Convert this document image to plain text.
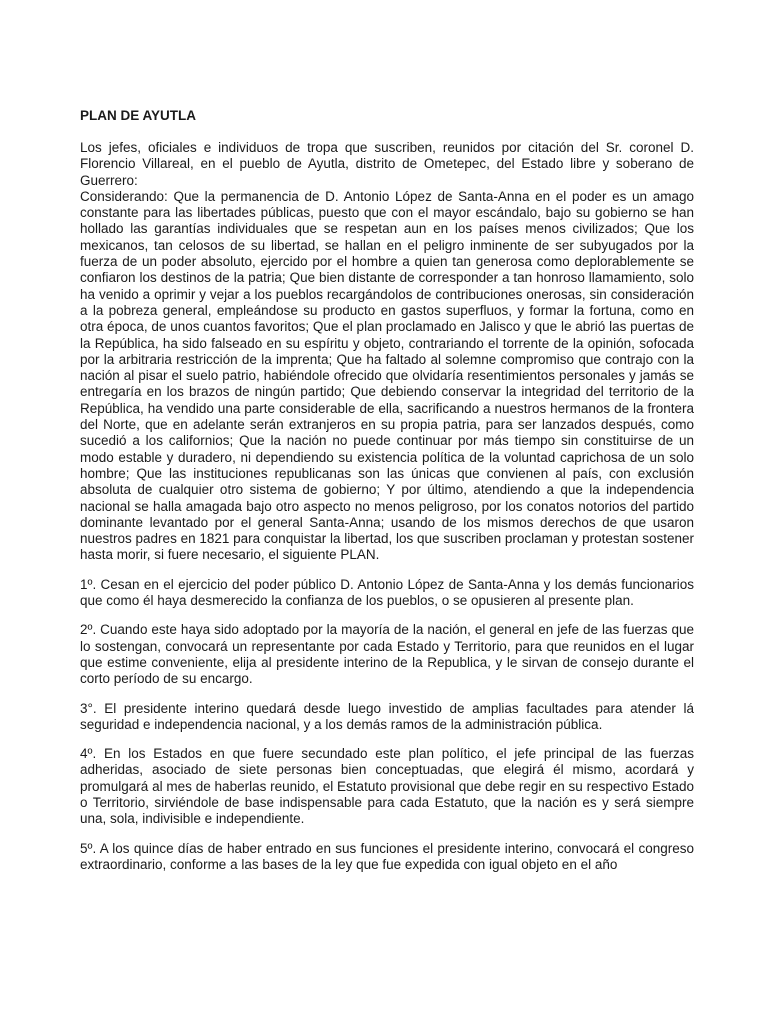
PLAN DE AYUTLA
Los jefes, oficiales e individuos de tropa que suscriben, reunidos por citación del Sr. coronel D. Florencio Villareal, en el pueblo de Ayutla, distrito de Ometepec, del Estado libre y soberano de Guerrero:
Considerando: Que la permanencia de D. Antonio López de Santa-Anna en el poder es un amago constante para las libertades públicas, puesto que con el mayor escándalo, bajo su gobierno se han hollado las garantías individuales que se respetan aun en los países menos civilizados; Que los mexicanos, tan celosos de su libertad, se hallan en el peligro inminente de ser subyugados por la fuerza de un poder absoluto, ejercido por el hombre a quien tan generosa como deplorablemente se confiaron los destinos de la patria; Que bien distante de corresponder a tan honroso llamamiento, solo ha venido a oprimir y vejar a los pueblos recargándolos de contribuciones onerosas, sin consideración a la pobreza general, empleándose su producto en gastos superfluos, y formar la fortuna, como en otra época, de unos cuantos favoritos; Que el plan proclamado en Jalisco y que le abrió las puertas de la República, ha sido falseado en su espíritu y objeto, contrariando el torrente de la opinión, sofocada por la arbitraria restricción de la imprenta; Que ha faltado al solemne compromiso que contrajo con la nación al pisar el suelo patrio, habiéndole ofrecido que olvidaría resentimientos personales y jamás se entregaría en los brazos de ningún partido; Que debiendo conservar la integridad del territorio de la República, ha vendido una parte considerable de ella, sacrificando a nuestros hermanos de la frontera del Norte, que en adelante serán extranjeros en su propia patria, para ser lanzados después, como sucedió a los californios; Que la nación no puede continuar por más tiempo sin constituirse de un modo estable y duradero, ni dependiendo su existencia política de la voluntad caprichosa de un solo hombre; Que las instituciones republicanas son las únicas que convienen al país, con exclusión absoluta de cualquier otro sistema de gobierno; Y por último, atendiendo a que la independencia nacional se halla amagada bajo otro aspecto no menos peligroso, por los conatos notorios del partido dominante levantado por el general Santa-Anna; usando de los mismos derechos de que usaron nuestros padres en 1821 para conquistar la libertad, los que suscriben proclaman y protestan sostener hasta morir, si fuere necesario, el siguiente PLAN.
1º. Cesan en el ejercicio del poder público D. Antonio López de Santa-Anna y los demás funcionarios que como él haya desmerecido la confianza de los pueblos, o se opusieren al presente plan.
2º. Cuando este haya sido adoptado por la mayoría de la nación, el general en jefe de las fuerzas que lo sostengan, convocará un representante por cada Estado y Territorio, para que reunidos en el lugar que estime conveniente, elija al presidente interino de la Republica, y le sirvan de consejo durante el corto período de su encargo.
3°. El presidente interino quedará desde luego investido de amplias facultades para atender lá seguridad e independencia nacional, y a los demás ramos de la administración pública.
4º. En los Estados en que fuere secundado este plan político, el jefe principal de las fuerzas adheridas, asociado de siete personas bien conceptuadas, que elegirá él mismo, acordará y promulgará al mes de haberlas reunido, el Estatuto provisional que debe regir en su respectivo Estado o Territorio, sirviéndole de base indispensable para cada Estatuto, que la nación es y será siempre una, sola, indivisible e independiente.
5º. A los quince días de haber entrado en sus funciones el presidente interino, convocará el congreso extraordinario, conforme a las bases de la ley que fue expedida con igual objeto en el año
